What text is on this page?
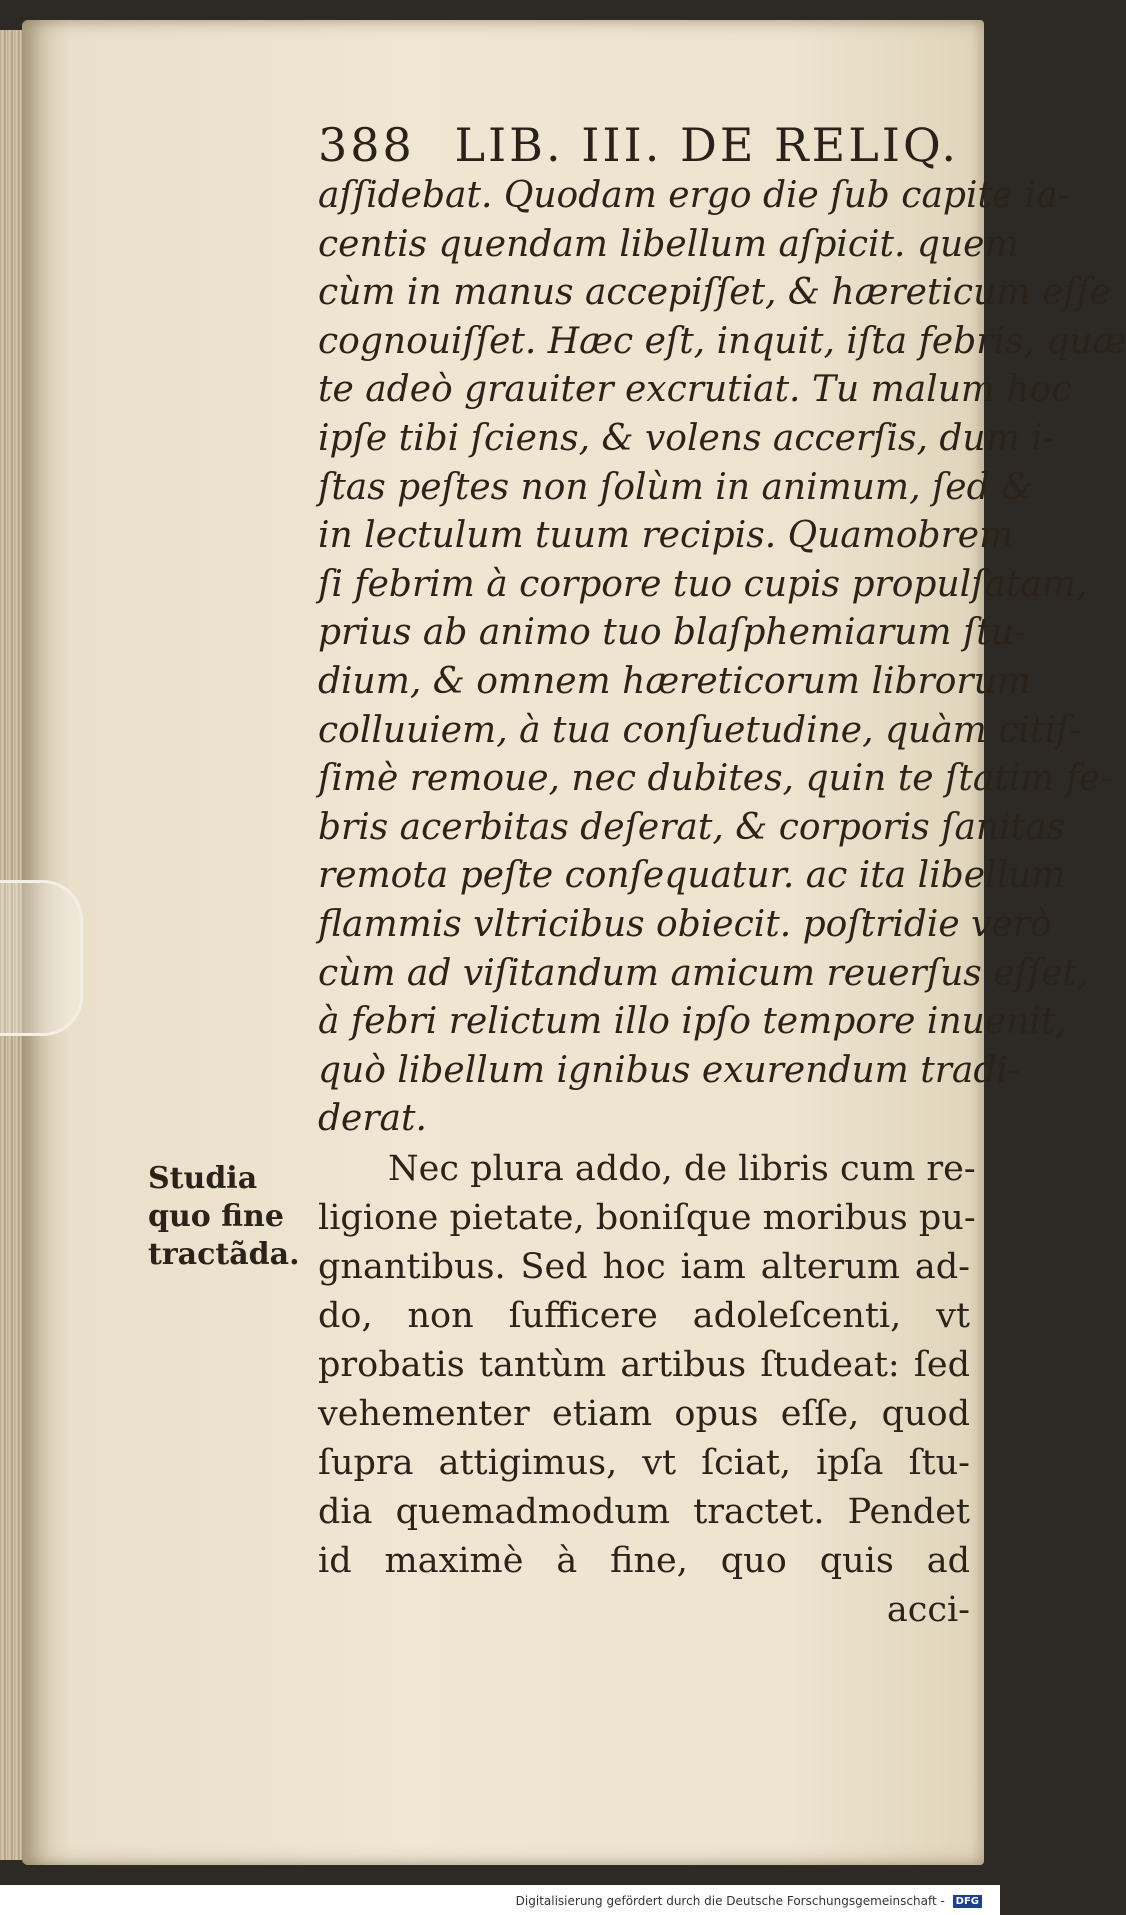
388 LIB. III. DE RELIQ.
aſſidebat. Quodam ergo die ſub capite ia-
centis quendam libellum aſpicit. quem
cùm in manus accepiſſet, & hæreticum eſſe
cognouiſſet. Hæc eſt, inquit, iſta febris, quæ
te adeò grauiter excrutiat. Tu malum hoc
ipſe tibi ſciens, & volens accerſis, dum i-
ſtas peſtes non ſolùm in animum, ſed &
in lectulum tuum recipis. Quamobrem
ſi febrim à corpore tuo cupis propulſatam,
prius ab animo tuo blaſphemiarum ſtu-
dium, & omnem hæreticorum librorum
colluuiem, à tua conſuetudine, quàm citiſ-
ſimè remoue, nec dubites, quin te ſtatim fe-
bris acerbitas deſerat, & corporis ſanitas
remota peſte conſequatur. ac ita libellum
flammis vltricibus obiecit. poſtridie verò
cùm ad viſitandum amicum reuerſus eſſet,
à febri relictum illo ipſo tempore inuenit,
quò libellum ignibus exurendum tradi-
derat.
Studia
quo fine
tractãda.
Nec plura addo, de libris cum re-
ligione pietate, boniſque moribus pu-
gnantibus. Sed hoc iam alterum ad-
do, non ſufficere adoleſcenti, vt
probatis tantùm artibus ſtudeat: ſed
vehementer etiam opus eſſe, quod
ſupra attigimus, vt ſciat, ipſa ſtu-
dia quemadmodum tractet. Pendet
id maximè à fine, quo quis ad
acci-
Digitalisierung gefördert durch die Deutsche Forschungsgemeinschaft - DFG
